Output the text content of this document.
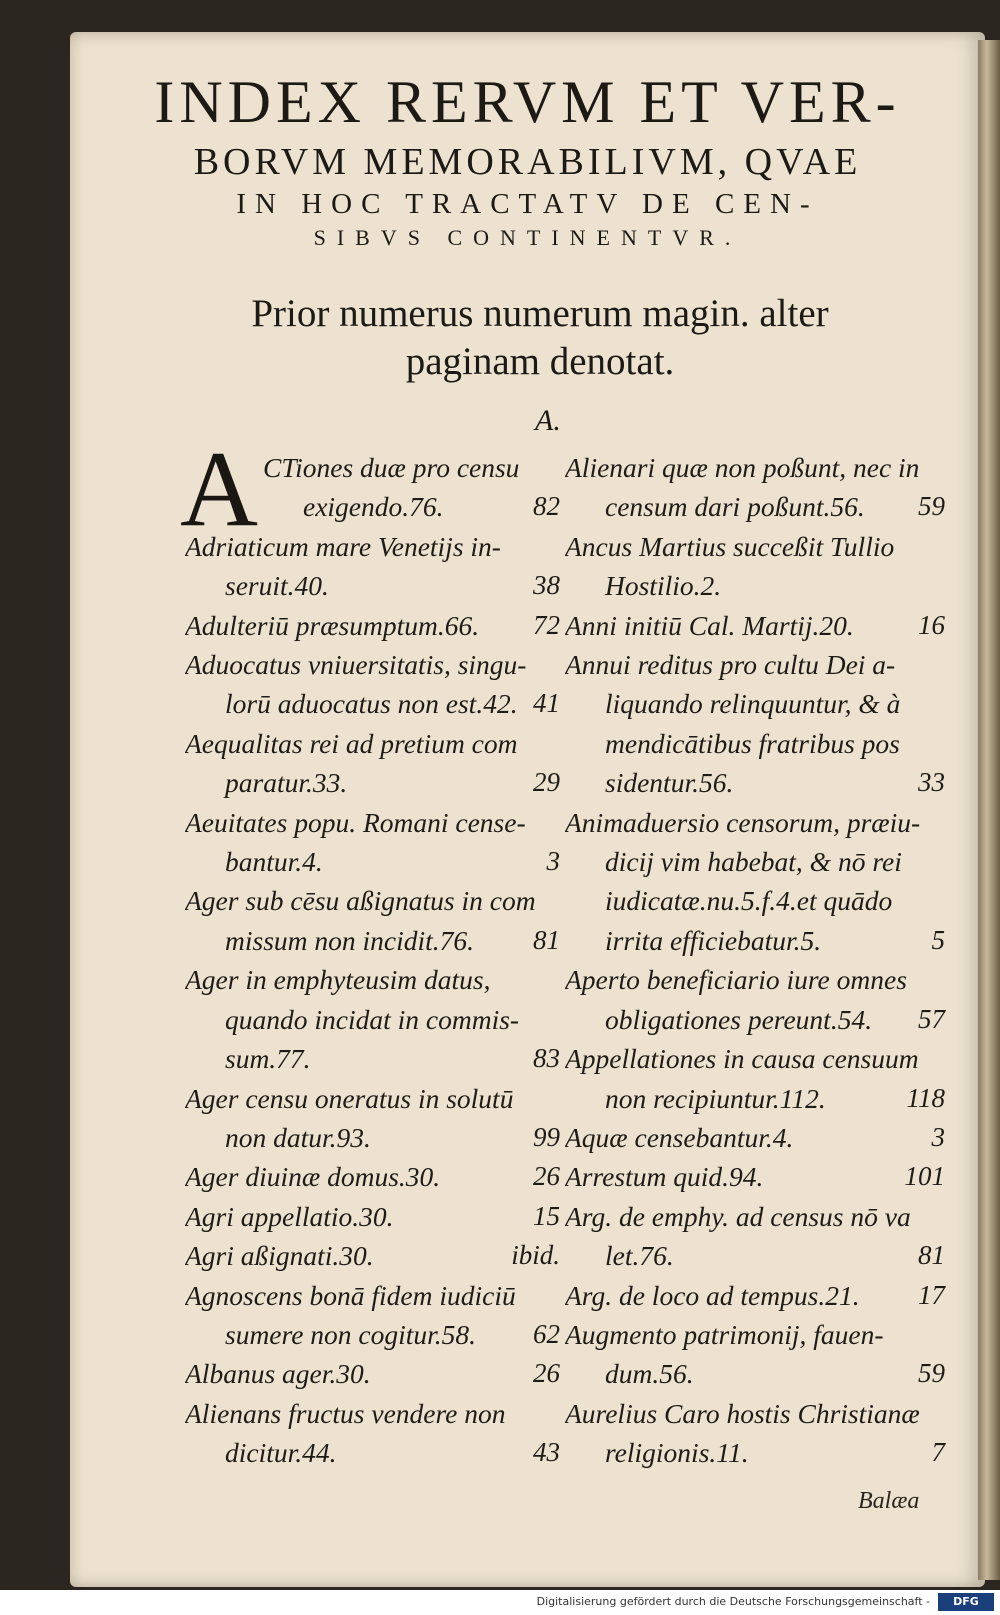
INDEX RERVM ET VER-
BORVM MEMORABILIVM, QVAE
IN HOC TRACTATV DE CEN-
SIBVS CONTINENTVR.
Prior numerus numerum magin. alter
paginam denotat.
A.
A CTiones duæ pro censu
exigendo.76.	82
Adriaticum mare Venetijs in-
seruit.40.	38
Adulteriū præsumptum.66.	72
Aduocatus vniuersitatis, singu-
lorū aduocatus non est.42. 41
Aequalitas rei ad pretium com
paratur.33.	29
Aeuitates popu. Romani cense-
bantur.4.	3
Ager sub cēsu aßignatus in com
missum non incidit.76.	81
Ager in emphyteusim datus,
quando incidat in commis-
sum.77.	83
Ager censu oneratus in solutū
non datur.93.	99
Ager diuinæ domus.30.	26
Agri appellatio.30.	15
Agri aßignati.30.	ibid.
Agnoscens bonā fidem iudiciū
sumere non cogitur.58.	62
Albanus ager.30.	26
Alienans fructus vendere non
dicitur.44.	43
Alienari quæ non poßunt, nec in
censum dari poßunt.56.	59
Ancus Martius succeßit Tullio
Hostilio.2.
Anni initiū Cal. Martij.20.	16
Annui reditus pro cultu Dei a-
liquando relinquuntur, & à
mendicātibus fratribus pos
sidentur.56.	33
Animaduersio censorum, præiu-
dicij vim habebat, & nō rei
iudicatæ.nu.5.f.4.et quādo
irrita efficiebatur.5.	5
Aperto beneficiario iure omnes
obligationes pereunt.54.	57
Appellationes in causa censuum
non recipiuntur.112.	118
Aquæ censebantur.4.	3
Arrestum quid.94.	101
Arg. de emphy. ad census nō va
let.76.	81
Arg. de loco ad tempus.21.	17
Augmento patrimonij, fauen-
dum.56.	59
Aurelius Caro hostis Christianæ
religionis.11.	7
Balæa
Digitalisierung gefördert durch die Deutsche Forschungsgemeinschaft -	DFG
